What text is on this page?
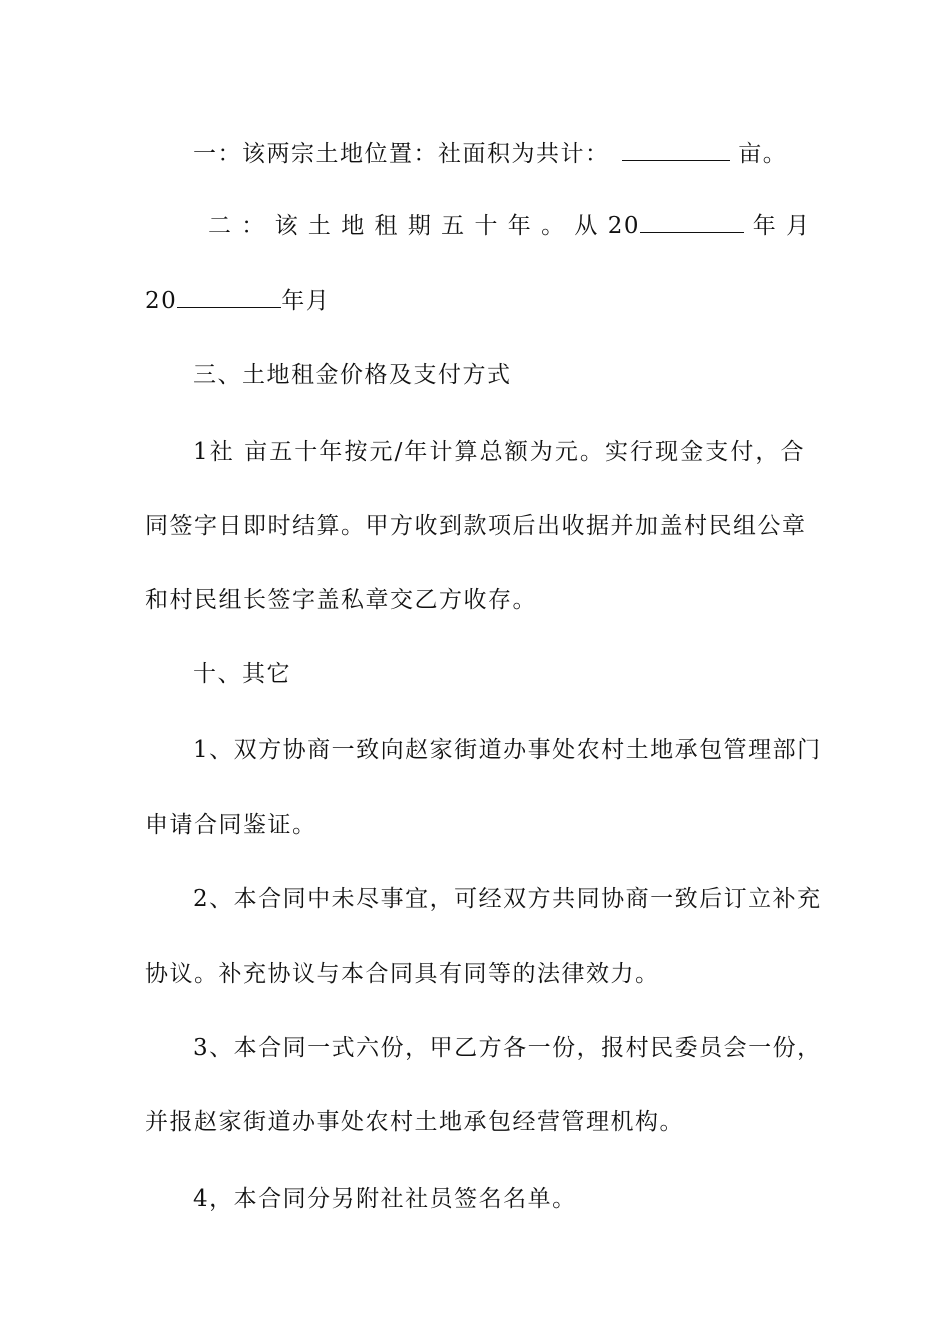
一：该两宗土地位置：社面积为共计：	亩。
二 ： 该 土 地 租 期 五 十 年 。 从 20	年 月
20	年月
三、土地租金价格及支付方式
1社 亩五十年按元/年计算总额为元。实行现金支付，合
同签字日即时结算。甲方收到款项后出收据并加盖村民组公章
和村民组长签字盖私章交乙方收存。
十、其它
1、双方协商一致向赵家街道办事处农村土地承包管理部门
申请合同鉴证。
2、本合同中未尽事宜，可经双方共同协商一致后订立补充
协议。补充协议与本合同具有同等的法律效力。
3、本合同一式六份，甲乙方各一份，报村民委员会一份，
并报赵家街道办事处农村土地承包经营管理机构。
4，本合同分另附社社员签名名单。
